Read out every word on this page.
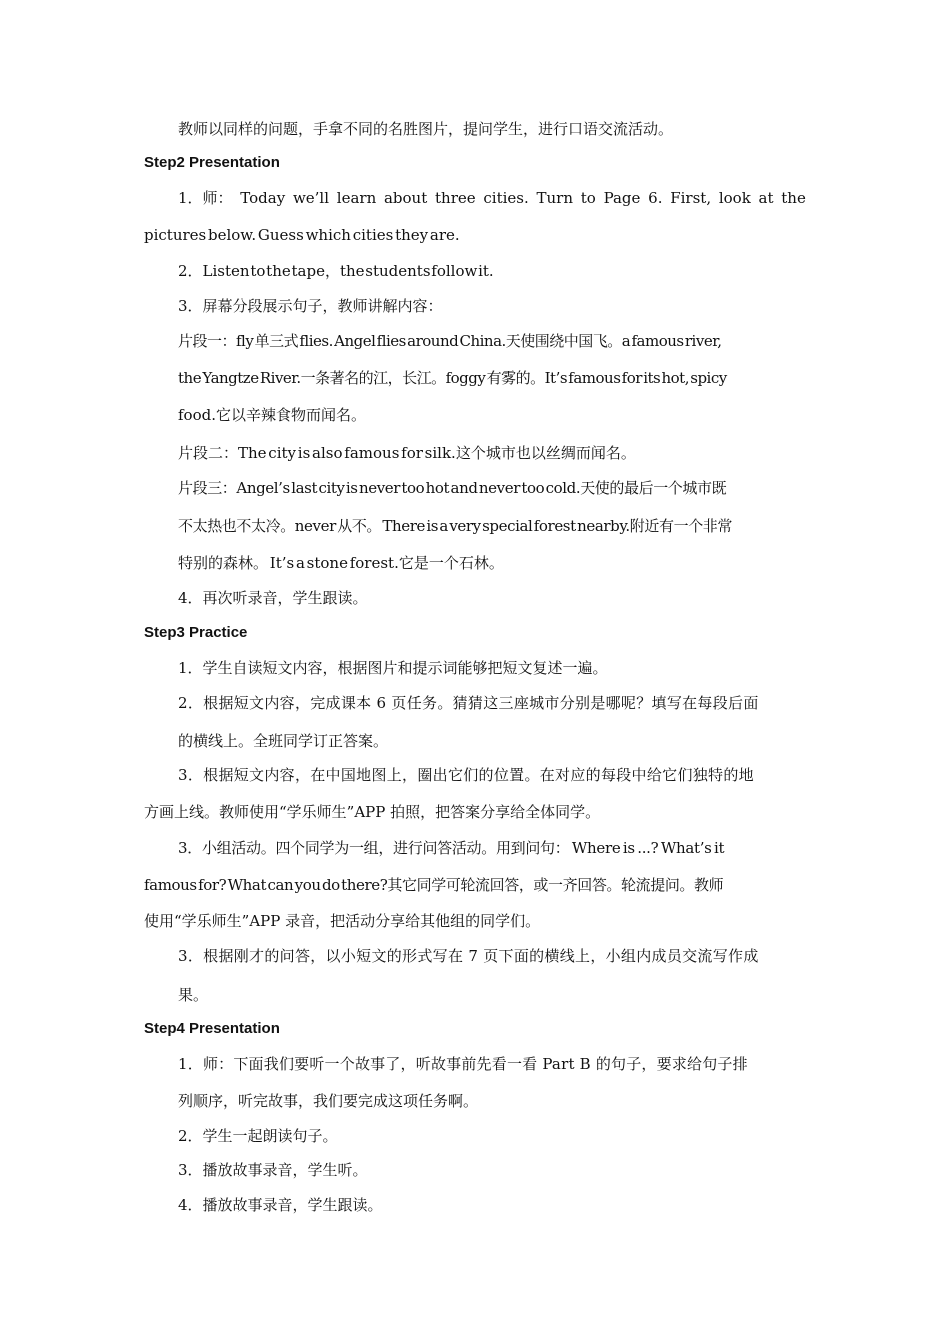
教师以同样的问题，手拿不同的名胜图片，提问学生，进行口语交流活动。
Step2 Presentation
1．师： Today we’ll learn about three cities. Turn to Page 6. First, look at the
pictures below. Guess which cities they are.
2．Listen to the tape，the students follow it.
3．屏幕分段展示句子，教师讲解内容：
片段一：fly 单三式 flies. Angel flies around China.天使围绕中国飞。a famous river,
the Yangtze River.一条著名的江，长江。foggy 有雾的。It’s famous for its hot, spicy
food.它以辛辣食物而闻名。
片段二：The city is also famous for silk.这个城市也以丝绸而闻名。
片段三：Angel’s last city is never too hot and never too cold.天使的最后一个城市既
不太热也不太冷。never 从不。 There is a very special forest nearby.附近有一个非常
特别的森林。 It’s a stone forest.它是一个石林。
4．再次听录音，学生跟读。
Step3 Practice
1．学生自读短文内容，根据图片和提示词能够把短文复述一遍。
2．根据短文内容，完成课本 6 页任务。猜猜这三座城市分别是哪呢？填写在每段后面
的横线上。全班同学订正答案。
3．根据短文内容，在中国地图上，圈出它们的位置。在对应的每段中给它们独特的地
方画上线。教师使用“学乐师生”APP 拍照，把答案分享给全体同学。
3．小组活动。四个同学为一组，进行问答活动。用到问句： Where is ...? What’s it
famous for? What can you do there?其它同学可轮流回答，或一齐回答。轮流提问。教师
使用“学乐师生”APP 录音，把活动分享给其他组的同学们。
3．根据刚才的问答，以小短文的形式写在 7 页下面的横线上，小组内成员交流写作成
果。
Step4 Presentation
1．师：下面我们要听一个故事了，听故事前先看一看 Part B 的句子，要求给句子排
列顺序，听完故事，我们要完成这项任务啊。
2．学生一起朗读句子。
3．播放故事录音，学生听。
4．播放故事录音，学生跟读。
